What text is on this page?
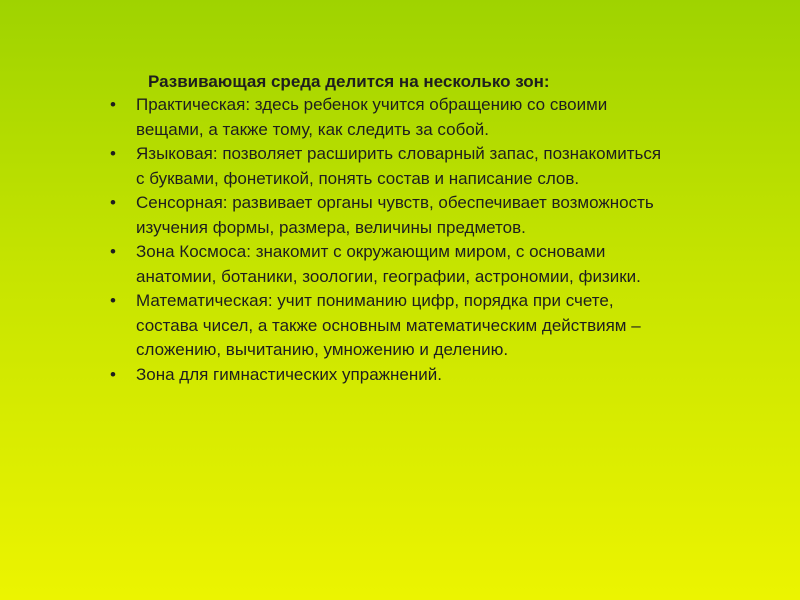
Развивающая среда делится на несколько зон:
• Практическая: здесь ребенок учится обращению со своими вещами, а также тому, как следить за собой.
• Языковая: позволяет расширить словарный запас, познакомиться с буквами, фонетикой, понять состав и написание слов.
• Сенсорная: развивает органы чувств, обеспечивает возможность изучения формы, размера, величины предметов.
• Зона Космоса: знакомит с окружающим миром, с основами анатомии, ботаники, зоологии, географии, астрономии, физики.
• Математическая: учит пониманию цифр, порядка при счете, состава чисел, а также основным математическим действиям – сложению, вычитанию, умножению и делению.
• Зона для гимнастических упражнений.
